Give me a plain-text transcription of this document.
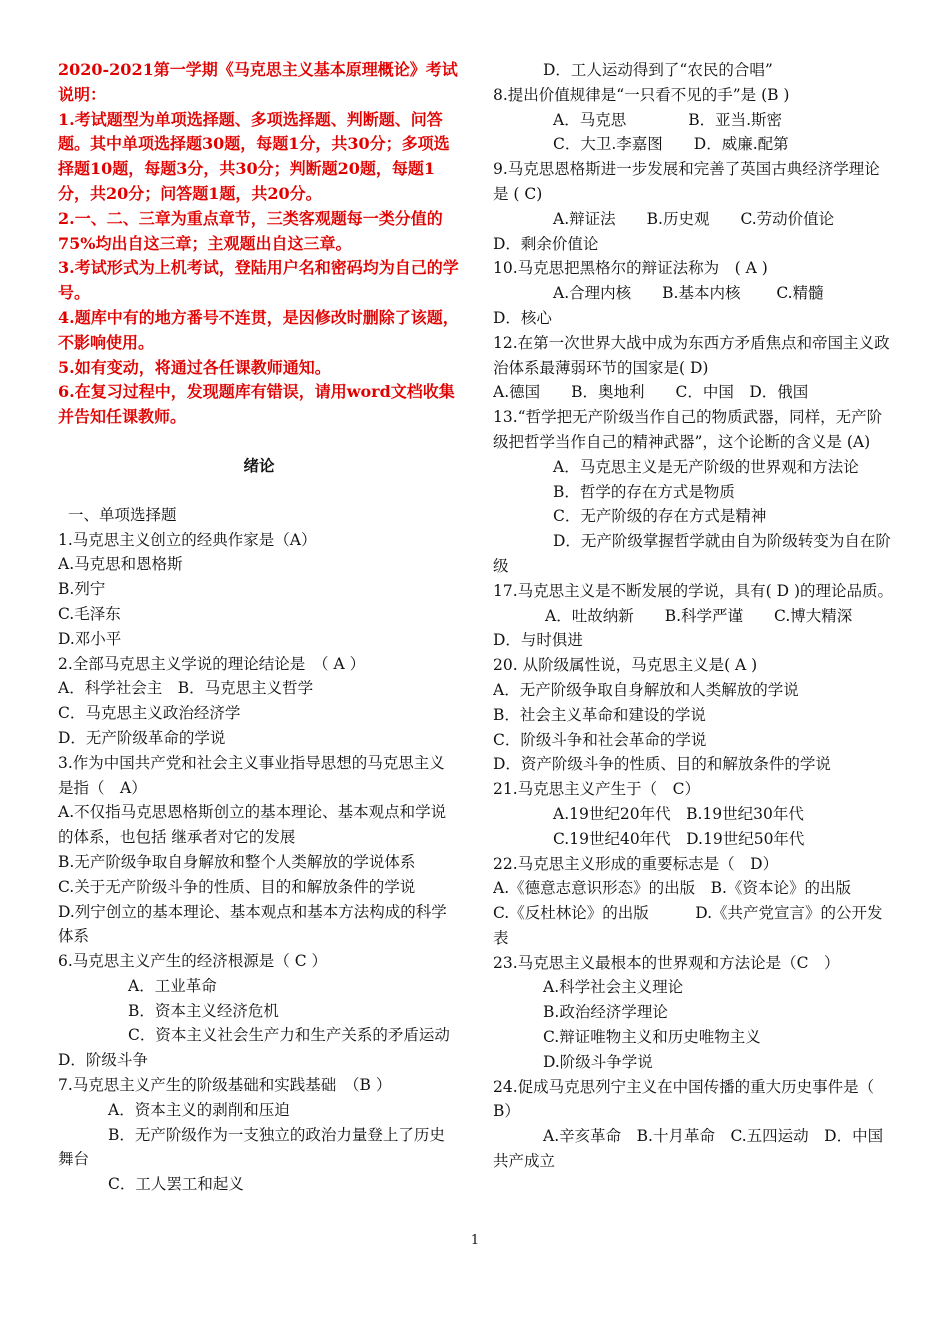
2020-2021第一学期《马克思主义基本原理概论》考试说明：
1.考试题型为单项选择题、多项选择题、判断题、问答题。其中单项选择题30题，每题1分，共30分；多项选择题10题，每题3分，共30分；判断题20题，每题1分，共20分；问答题1题，共20分。
2.一、二、三章为重点章节，三类客观题每一类分值的75%均出自这三章；主观题出自这三章。
3.考试形式为上机考试，登陆用户名和密码均为自己的学号。
4.题库中有的地方番号不连贯，是因修改时删除了该题，不影响使用。
5.如有变动，将通过各任课教师通知。
6.在复习过程中，发现题库有错误，请用word文档收集并告知任课教师。
绪论
一、单项选择题
1.马克思主义创立的经典作家是（A）
A.马克思和恩格斯
B.列宁
C.毛泽东
D.邓小平
2.全部马克思主义学说的理论结论是　（ A ）
A．科学社会主　B．马克思主义哲学
C．马克思主义政治经济学
D．无产阶级革命的学说
3.作为中国共产党和社会主义事业指导思想的马克思主义是指（　A）
A.不仅指马克思恩格斯创立的基本理论、基本观点和学说的体系，也包括 继承者对它的发展
B.无产阶级争取自身解放和整个人类解放的学说体系
C.关于无产阶级斗争的性质、目的和解放条件的学说
D.列宁创立的基本理论、基本观点和基本方法构成的科学体系
6.马克思主义产生的经济根源是（ C ）
A．工业革命
B．资本主义经济危机
C．资本主义社会生产力和生产关系的矛盾运动　　D．阶级斗争
7.马克思主义产生的阶级基础和实践基础　（B ）
A．资本主义的剥削和压迫
B．无产阶级作为一支独立的政治力量登上了历史舞台
C．工人罢工和起义
D．工人运动得到了“农民的合唱”
8.提出价值规律是“一只看不见的手”是 (B )
A．马克思　　　　B．亚当.斯密
C．大卫.李嘉图　　D．威廉.配第
9.马克思恩格斯进一步发展和完善了英国古典经济学理论是 ( C)
A.辩证法　　B.历史观　　C.劳动价值论
D．剩余价值论
10.马克思把黑格尔的辩证法称为　( A )
A.合理内核　　B.基本内核　　 C.精髓
D．核心
12.在第一次世界大战中成为东西方矛盾焦点和帝国主义政治体系最薄弱环节的国家是( D)
A.德国　　B．奥地利　　C．中国　D．俄国
13.“哲学把无产阶级当作自己的物质武器，同样，无产阶级把哲学当作自己的精神武器”，这个论断的含义是 (A)
A．马克思主义是无产阶级的世界观和方法论
B．哲学的存在方式是物质
C．无产阶级的存在方式是精神
D．无产阶级掌握哲学就由自为阶级转变为自在阶级
17.马克思主义是不断发展的学说，具有( D )的理论品质。
A．吐故纳新　　B.科学严谨　　C.博大精深
D．与时俱进
20. 从阶级属性说，马克思主义是( A )
A．无产阶级争取自身解放和人类解放的学说
B．社会主义革命和建设的学说
C．阶级斗争和社会革命的学说
D．资产阶级斗争的性质、目的和解放条件的学说
21.马克思主义产生于（　C）
A.19世纪20年代　B.19世纪30年代
C.19世纪40年代　D.19世纪50年代
22.马克思主义形成的重要标志是（　D）
A.《德意志意识形态》的出版　B.《资本论》的出版
C.《反杜林论》的出版　　　D.《共产党宣言》的公开发表
23.马克思主义最根本的世界观和方法论是（C　）
A.科学社会主义理论
B.政治经济学理论
C.辩证唯物主义和历史唯物主义
D.阶级斗争学说
24.促成马克思列宁主义在中国传播的重大历史事件是（　B）
A.辛亥革命　B.十月革命　C.五四运动　D．中国共产成立
1
